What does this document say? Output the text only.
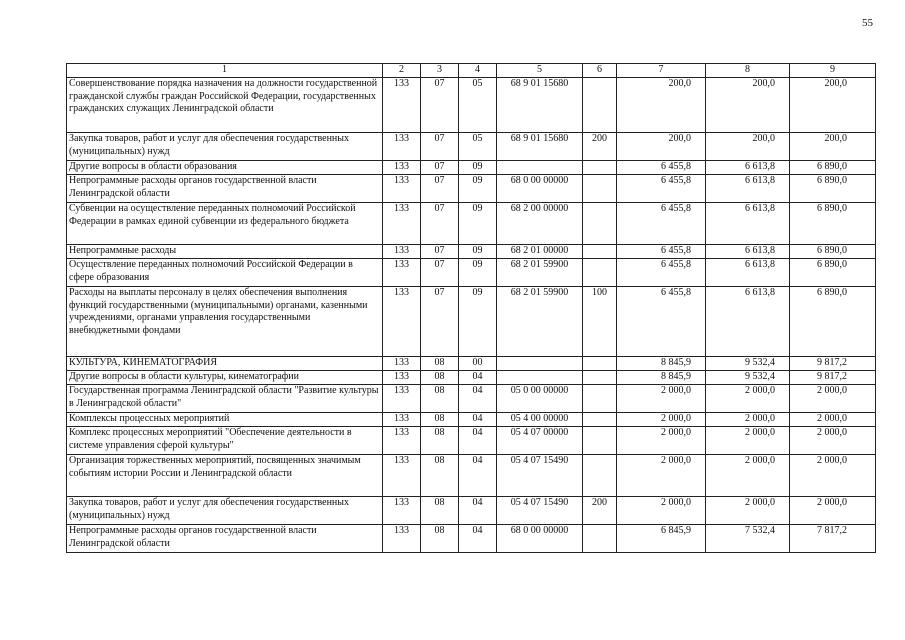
55
1	2	3	4	5	6	7	8	9
Совершенствование порядка назначения на должности государственной гражданской службы граждан Российской Федерации, государственных гражданских служащих Ленинградской области	133	07	05	68 9 01 15680		200,0	200,0	200,0
Закупка товаров, работ и услуг для обеспечения государственных (муниципальных) нужд	133	07	05	68 9 01 15680	200	200,0	200,0	200,0
Другие вопросы в области образования	133	07	09			6 455,8	6 613,8	6 890,0
Непрограммные расходы органов государственной власти Ленинградской области	133	07	09	68 0 00 00000		6 455,8	6 613,8	6 890,0
Субвенции на осуществление переданных полномочий Российской Федерации в рамках единой субвенции из федерального бюджета	133	07	09	68 2 00 00000		6 455,8	6 613,8	6 890,0
Непрограммные расходы	133	07	09	68 2 01 00000		6 455,8	6 613,8	6 890,0
Осуществление переданных полномочий Российской Федерации в сфере образования	133	07	09	68 2 01 59900		6 455,8	6 613,8	6 890,0
Расходы на выплаты персоналу в целях обеспечения выполнения функций государственными (муниципальными) органами, казенными учреждениями, органами управления государственными внебюджетными фондами	133	07	09	68 2 01 59900	100	6 455,8	6 613,8	6 890,0
КУЛЬТУРА, КИНЕМАТОГРАФИЯ	133	08	00			8 845,9	9 532,4	9 817,2
Другие вопросы в области культуры, кинематографии	133	08	04			8 845,9	9 532,4	9 817,2
Государственная программа Ленинградской области "Развитие культуры в Ленинградской области"	133	08	04	05 0 00 00000		2 000,0	2 000,0	2 000,0
Комплексы процессных мероприятий	133	08	04	05 4 00 00000		2 000,0	2 000,0	2 000,0
Комплекс процессных мероприятий "Обеспечение деятельности в системе управления сферой культуры"	133	08	04	05 4 07 00000		2 000,0	2 000,0	2 000,0
Организация торжественных мероприятий, посвященных значимым событиям истории России и Ленинградской области	133	08	04	05 4 07 15490		2 000,0	2 000,0	2 000,0
Закупка товаров, работ и услуг для обеспечения государственных (муниципальных) нужд	133	08	04	05 4 07 15490	200	2 000,0	2 000,0	2 000,0
Непрограммные расходы органов государственной власти Ленинградской области	133	08	04	68 0 00 00000		6 845,9	7 532,4	7 817,2
